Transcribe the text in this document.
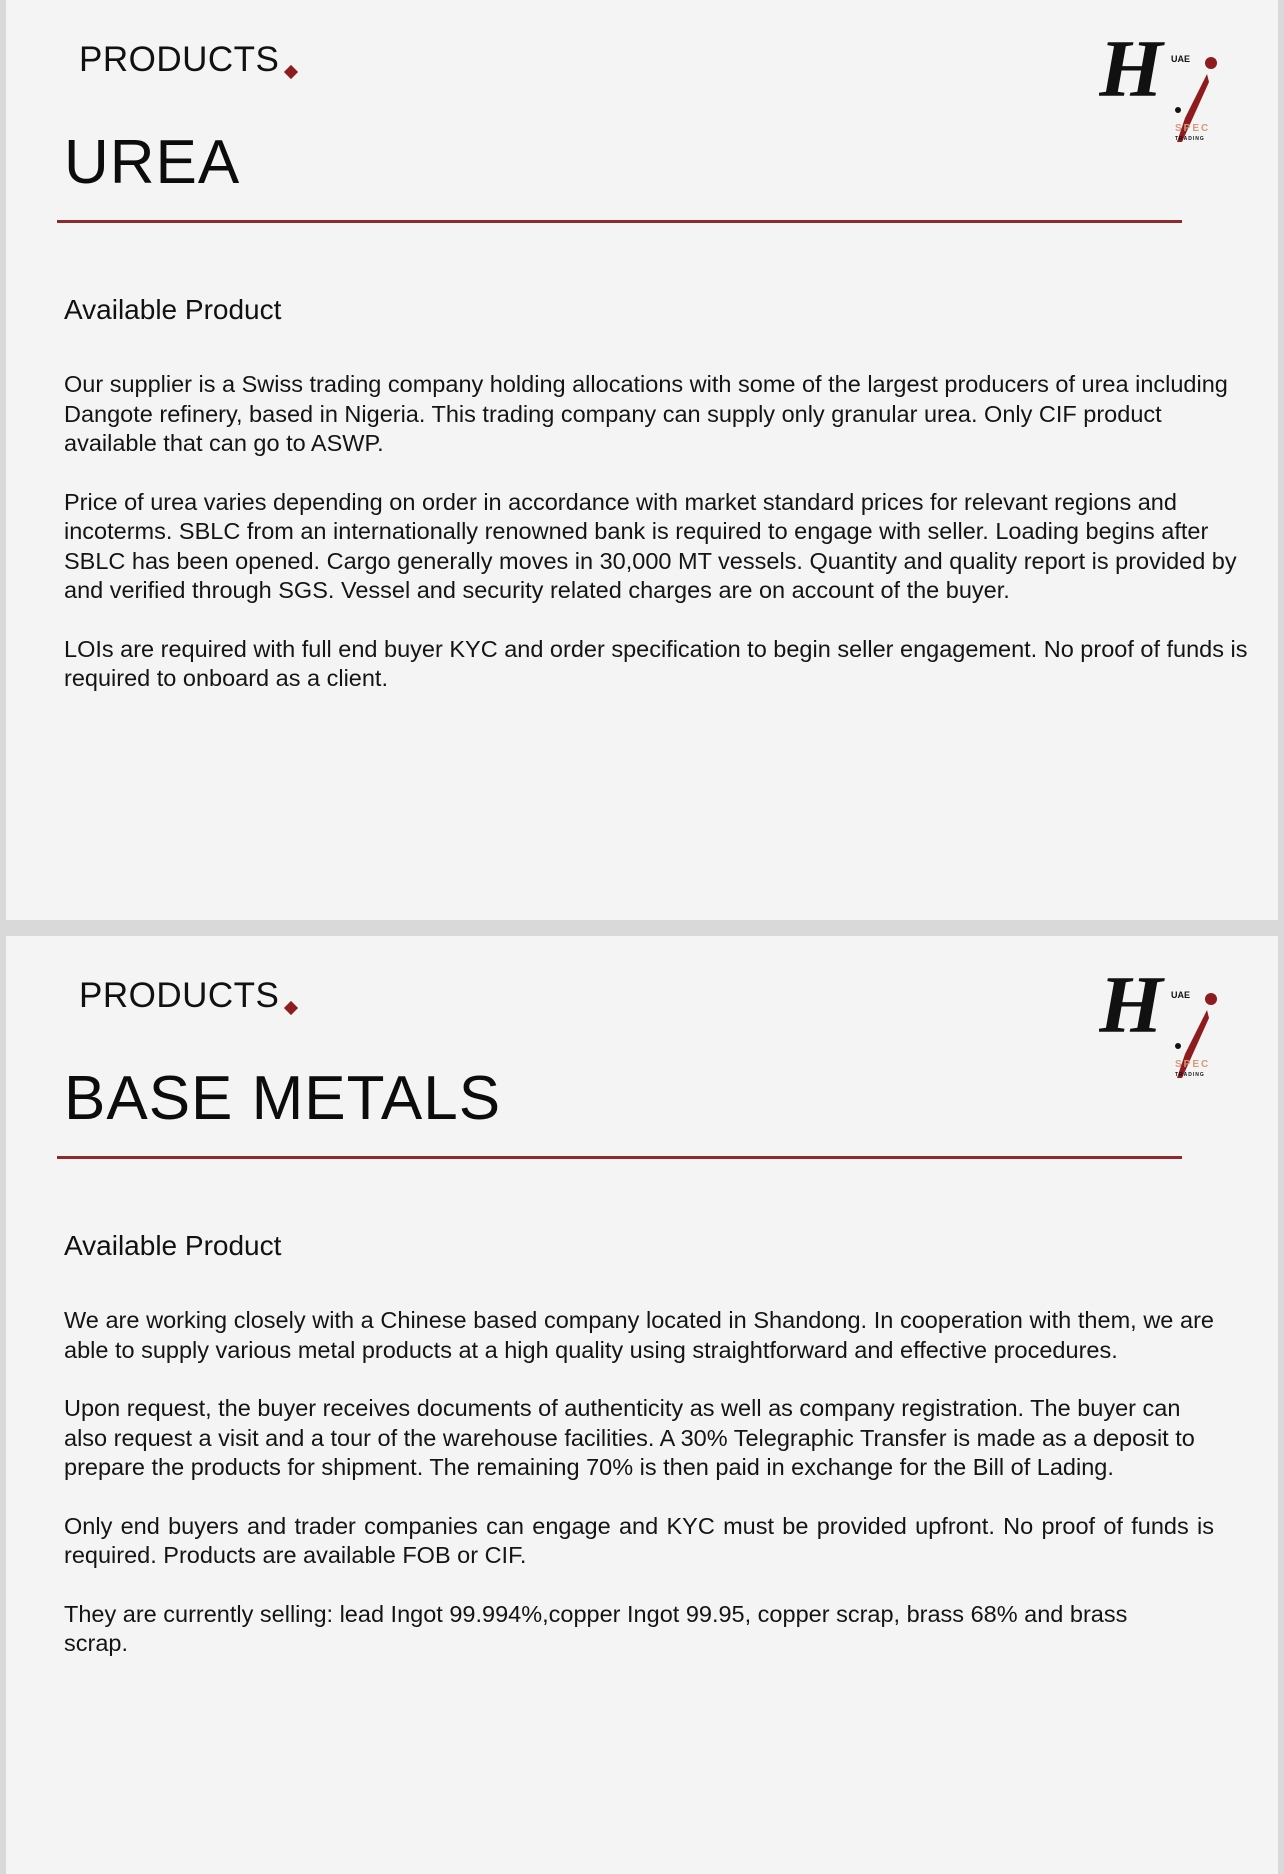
PRODUCTS
UREA
H UAE
SPEC
TRADING
Available Product

Our supplier is a Swiss trading company holding allocations with some of the largest producers of urea including Dangote refinery, based in Nigeria. This trading company can supply only granular urea. Only CIF product available that can go to ASWP.

Price of urea varies depending on order in accordance with market standard prices for relevant regions and incoterms. SBLC from an internationally renowned bank is required to engage with seller. Loading begins after SBLC has been opened. Cargo generally moves in 30,000 MT vessels. Quantity and quality report is provided by and verified through SGS. Vessel and security related charges are on account of the buyer.

LOIs are required with full end buyer KYC and order specification to begin seller engagement. No proof of funds is required to onboard as a client.

PRODUCTS
BASE METALS
H UAE
SPEC
TRADING
Available Product

We are working closely with a Chinese based company located in Shandong. In cooperation with them, we are able to supply various metal products at a high quality using straightforward and effective procedures.

Upon request, the buyer receives documents of authenticity as well as company registration. The buyer can also request a visit and a tour of the warehouse facilities. A 30% Telegraphic Transfer is made as a deposit to prepare the products for shipment. The remaining 70% is then paid in exchange for the Bill of Lading.

Only end buyers and trader companies can engage and KYC must be provided upfront. No proof of funds is required. Products are available FOB or CIF.

They are currently selling: lead Ingot 99.994%,copper Ingot 99.95, copper scrap, brass 68% and brass scrap.
